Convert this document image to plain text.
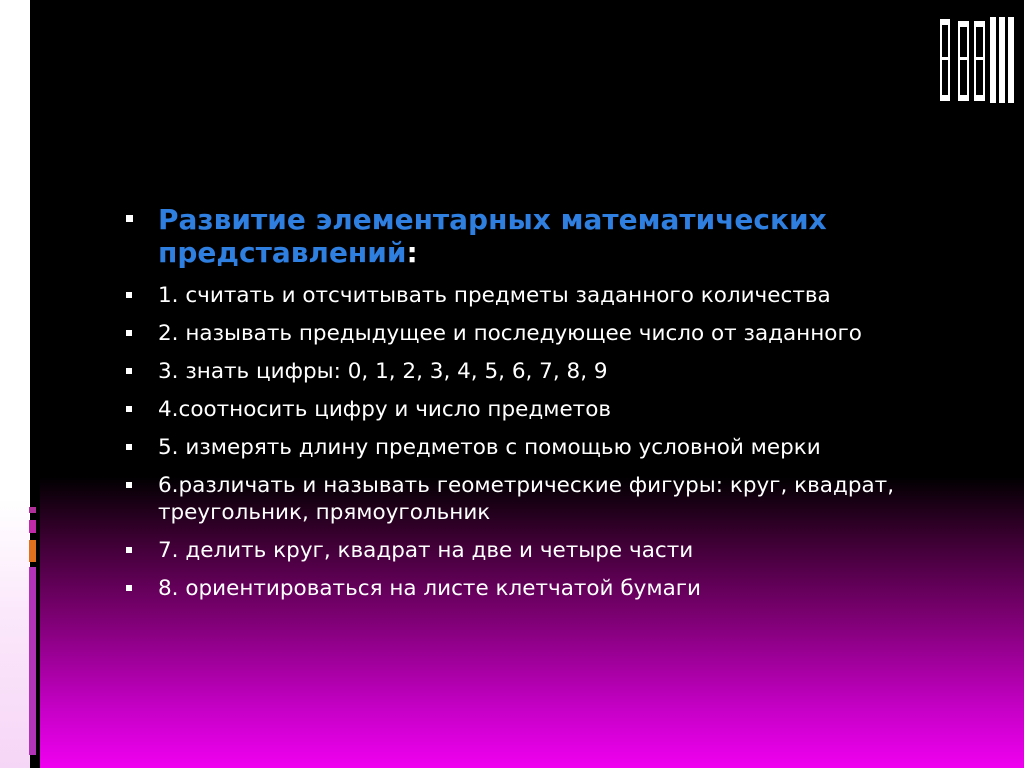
Развитие элементарных математических представлений:
1. считать и отсчитывать предметы заданного количества
2. называть предыдущее и последующее число от заданного
3. знать цифры: 0, 1, 2, 3, 4, 5, 6, 7, 8, 9
4.соотносить цифру и число предметов
5. измерять длину предметов с помощью условной мерки
6.различать и называть геометрические фигуры: круг, квадрат, треугольник, прямоугольник
7. делить круг, квадрат на две и четыре части
8. ориентироваться на листе клетчатой бумаги
